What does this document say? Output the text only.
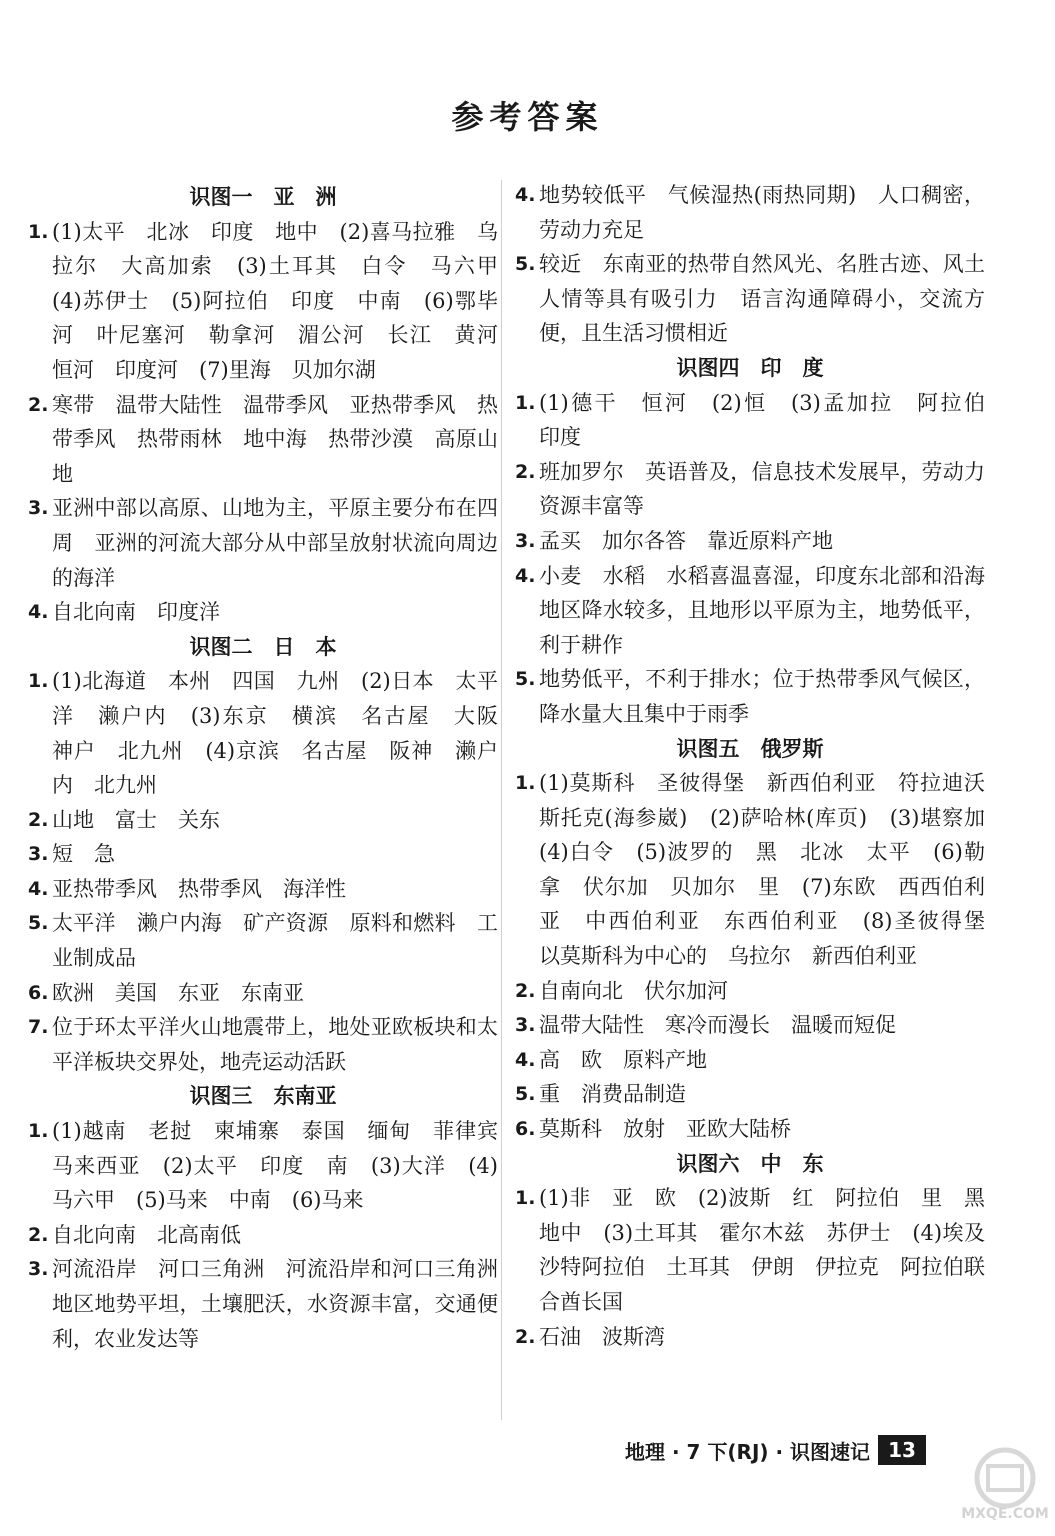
参考答案
识图一　亚　洲
1. (1)太平　北冰　印度　地中　(2)喜马拉雅　乌拉尔　大高加索　(3)土耳其　白令　马六甲　(4)苏伊士　(5)阿拉伯　印度　中南　(6)鄂毕河　叶尼塞河　勒拿河　湄公河　长江　黄河　恒河　印度河　(7)里海　贝加尔湖
2. 寒带　温带大陆性　温带季风　亚热带季风　热带季风　热带雨林　地中海　热带沙漠　高原山地
3. 亚洲中部以高原、山地为主，平原主要分布在四周　亚洲的河流大部分从中部呈放射状流向周边的海洋
4. 自北向南　印度洋
识图二　日　本
1. (1)北海道　本州　四国　九州　(2)日本　太平洋　濑户内　(3)东京　横滨　名古屋　大阪　神户　北九州　(4)京滨　名古屋　阪神　濑户内　北九州
2. 山地　富士　关东
3. 短　急
4. 亚热带季风　热带季风　海洋性
5. 太平洋　濑户内海　矿产资源　原料和燃料　工业制成品
6. 欧洲　美国　东亚　东南亚
7. 位于环太平洋火山地震带上，地处亚欧板块和太平洋板块交界处，地壳运动活跃
识图三　东南亚
1. (1)越南　老挝　柬埔寨　泰国　缅甸　菲律宾　马来西亚　(2)太平　印度　南　(3)大洋　(4)马六甲　(5)马来　中南　(6)马来
2. 自北向南　北高南低
3. 河流沿岸　河口三角洲　河流沿岸和河口三角洲地区地势平坦，土壤肥沃，水资源丰富，交通便利，农业发达等
4. 地势较低平　气候湿热(雨热同期)　人口稠密，劳动力充足
5. 较近　东南亚的热带自然风光、名胜古迹、风土人情等具有吸引力　语言沟通障碍小，交流方便，且生活习惯相近
识图四　印　度
1. (1)德干　恒河　(2)恒　(3)孟加拉　阿拉伯　印度
2. 班加罗尔　英语普及，信息技术发展早，劳动力资源丰富等
3. 孟买　加尔各答　靠近原料产地
4. 小麦　水稻　水稻喜温喜湿，印度东北部和沿海地区降水较多，且地形以平原为主，地势低平，利于耕作
5. 地势低平，不利于排水；位于热带季风气候区，降水量大且集中于雨季
识图五　俄罗斯
1. (1)莫斯科　圣彼得堡　新西伯利亚　符拉迪沃斯托克(海参崴)　(2)萨哈林(库页)　(3)堪察加　(4)白令　(5)波罗的　黑　北冰　太平　(6)勒拿　伏尔加　贝加尔　里　(7)东欧　西西伯利亚　中西伯利亚　东西伯利亚　(8)圣彼得堡　以莫斯科为中心的　乌拉尔　新西伯利亚
2. 自南向北　伏尔加河
3. 温带大陆性　寒冷而漫长　温暖而短促
4. 高　欧　原料产地
5. 重　消费品制造
6. 莫斯科　放射　亚欧大陆桥
识图六　中　东
1. (1)非　亚　欧　(2)波斯　红　阿拉伯　里　黑　地中　(3)土耳其　霍尔木兹　苏伊士　(4)埃及　沙特阿拉伯　土耳其　伊朗　伊拉克　阿拉伯联合酋长国
2. 石油　波斯湾
地理 · 7 下(RJ) · 识图速记 13
MXQE.COM
